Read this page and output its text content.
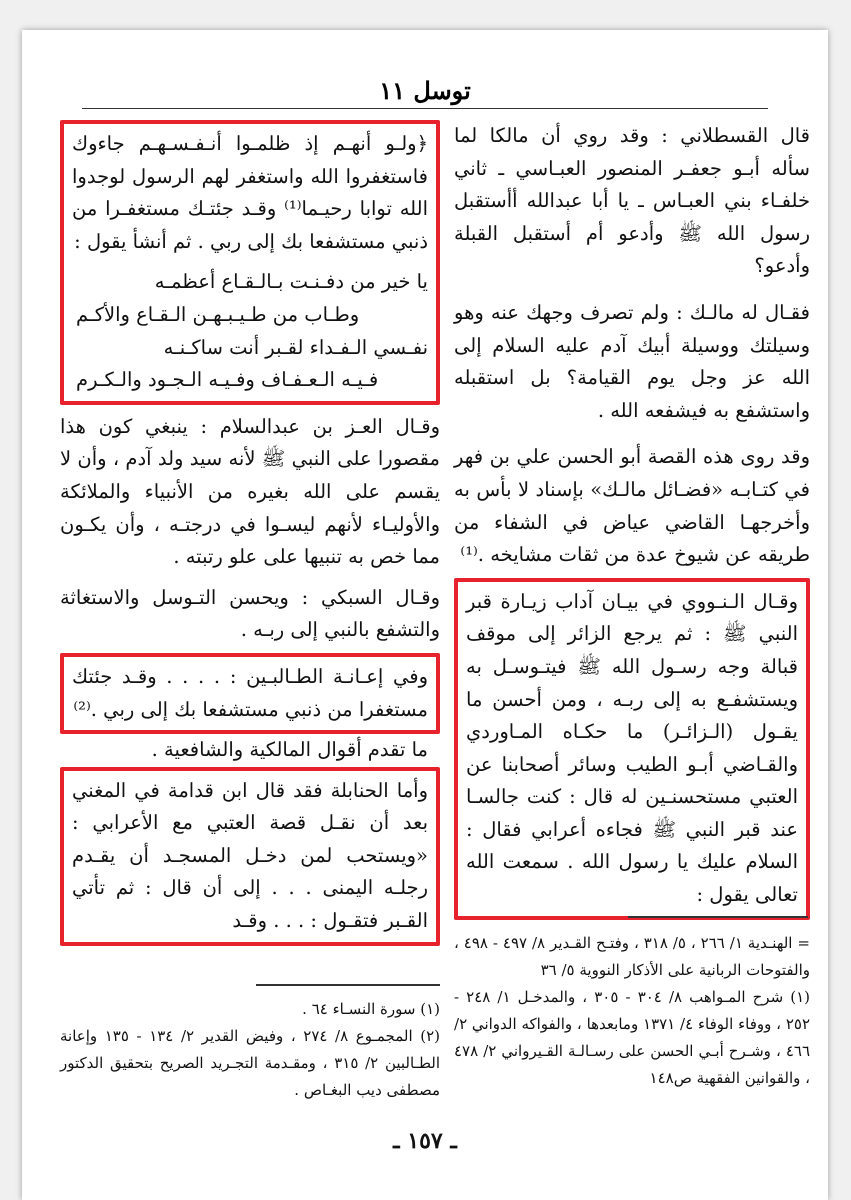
توسل ١١

قال القسطلاني : وقد روي أن مالكا لما سأله أبـو جعفـر المنصور العبـاسي ـ ثاني خلفـاء بني العبـاس ـ يا أبا عبدالله أأستقبل رسول الله ﷺ وأدعو أم أستقبل القبلة وأدعو؟

فقـال له مالـك : ولم تصرف وجهك عنه وهو وسيلتك ووسيلة أبيك آدم عليه السلام إلى الله عز وجل يوم القيامة؟ بل استقبله واستشفع به فيشفعه الله .

وقد روى هذه القصة أبو الحسن علي بن فهر في كتـابـه «فضـائل مالـك» بإسناد لا بأس به وأخرجهـا القاضي عياض في الشفاء من طريقه عن شيوخ عدة من ثقات مشايخه .⁽¹⁾

وقـال الـنـووي في بيـان آداب زيـارة قبر النبي ﷺ : ثم يرجع الزائر إلى موقف قبالة وجه رسـول الله ﷺ فيتـوسـل به ويستشفـع به إلى ربـه ، ومن أحسن ما يقـول (الـزائـر) ما حكـاه المـاوردي والقـاضي أبـو الطيب وسائر أصحابنا عن العتبي مستحسنـين له قال : كنت جالسـا عند قبر النبي ﷺ فجاءه أعرابي فقال : السلام عليك يا رسول الله . سمعت الله تعالى يقول :

﴿ولـو أنهـم إذ ظلمـوا أنـفـسـهـم جاءوك فاستغفروا الله واستغفر لهم الرسول لوجدوا الله توابا رحيـما⁽¹⁾ وقـد جئتـك مستغفـرا من ذنبي مستشفعا بك إلى ربي . ثم أنشأ يقول :

يا خير من دفـنـت بـالـقـاع أعظمـه

وطـاب من طـيـبـهـن الـقـاع والأكـم

نفـسي الـفـداء لقـبر أنت ساكـنـه

فـيـه الـعـفـاف وفـيـه الـجـود والـكـرم

وقـال العـز بن عبدالسلام : ينبغي كون هذا مقصورا على النبي ﷺ لأنه سيد ولد آدم ، وأن لا يقسم على الله بغيره من الأنبياء والملائكة والأوليـاء لأنهم ليسـوا في درجتـه ، وأن يكـون مما خص به تنبيها على علو رتبته .

وقـال السبكي : ويحسن التـوسل والاستغاثة والتشفع بالنبي إلى ربـه .

وفي إعـانـة الطـالبـين : . . . . وقـد جئتك مستغفرا من ذنبي مستشفعا بك إلى ربي .⁽²⁾

ما تقدم أقوال المالكية والشافعية .

وأما الحنابلة فقد قال ابن قدامة في المغني بعد أن نقـل قصة العتبي مع الأعرابي : «ويستحب لمن دخـل المسجـد أن يقـدم رجلـه اليمنى . . . إلى أن قال : ثم تأتي القـبر فتقـول : . . . وقـد

= الهنـدية ١/ ٢٦٦ ، ٥/ ٣١٨ ، وفتـح القـدير ٨/ ٤٩٧ - ٤٩٨ ، والفتوحات الربانية على الأذكار النووية ٥/ ٣٦

(١) شرح المـواهب ٨/ ٣٠٤ - ٣٠٥ ، والمدخـل ١/ ٢٤٨ - ٢٥٢ ، ووفاء الوفاء ٤/ ١٣٧١ ومابعدها ، والفواكه الدواني ٢/ ٤٦٦ ، وشـرح أبـي الحسن على رسـالـة القـيرواني ٢/ ٤٧٨ ، والقوانين الفقهية ص١٤٨

(١) سورة النسـاء ٦٤ .

(٢) المجمـوع ٨/ ٢٧٤ ، وفيض القدير ٢/ ١٣٤ - ١٣٥ وإعانة الطـالبين ٢/ ٣١٥ ، ومقـدمة التجـريد الصريح بتحقيق الدكتور مصطفى ديب البغـاص .

ـ ١٥٧ ـ
